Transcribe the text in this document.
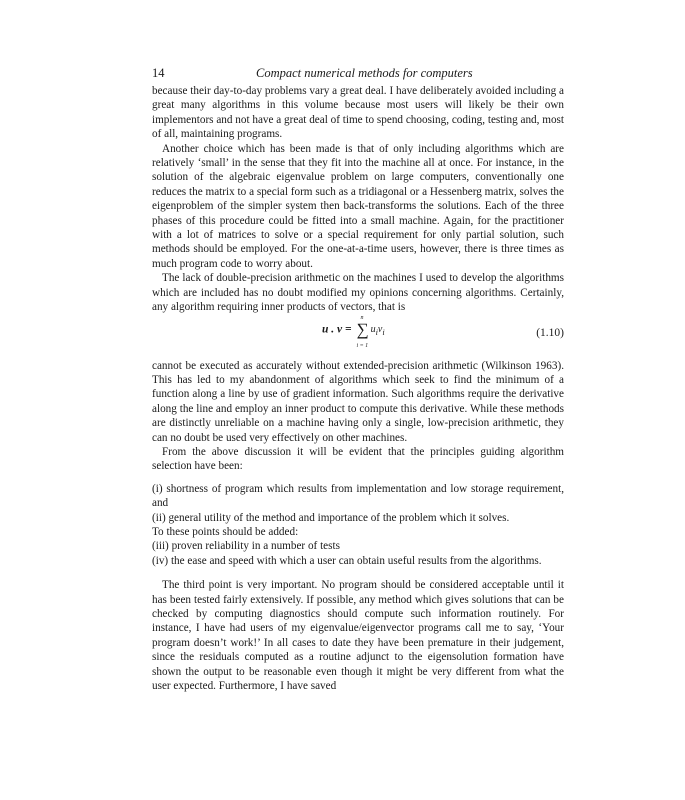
14	Compact numerical methods for computers

because their day-to-day problems vary a great deal. I have deliberately avoided including a great many algorithms in this volume because most users will likely be their own implementors and not have a great deal of time to spend choosing, coding, testing and, most of all, maintaining programs.

Another choice which has been made is that of only including algorithms which are relatively ‘small’ in the sense that they fit into the machine all at once. For instance, in the solution of the algebraic eigenvalue problem on large computers, conventionally one reduces the matrix to a special form such as a tridiagonal or a Hessenberg matrix, solves the eigenproblem of the simpler system then back-transforms the solutions. Each of the three phases of this procedure could be fitted into a small machine. Again, for the practitioner with a lot of matrices to solve or a special requirement for only partial solution, such methods should be employed. For the one-at-a-time users, however, there is three times as much program code to worry about.

The lack of double-precision arithmetic on the machines I used to develop the algorithms which are included has no doubt modified my opinions concerning algorithms. Certainly, any algorithm requiring inner products of vectors, that is

u . v = ∑
n
i = 1
$u_iv_i$	(1.10)

cannot be executed as accurately without extended-precision arithmetic (Wilkinson 1963). This has led to my abandonment of algorithms which seek to find the minimum of a function along a line by use of gradient information. Such algorithms require the derivative along the line and employ an inner product to compute this derivative. While these methods are distinctly unreliable on a machine having only a single, low-precision arithmetic, they can no doubt be used very effectively on other machines.

From the above discussion it will be evident that the principles guiding algorithm selection have been:

(i) shortness of program which results from implementation and low storage requirement, and
(ii) general utility of the method and importance of the problem which it solves.
To these points should be added:
(iii) proven reliability in a number of tests
(iv) the ease and speed with which a user can obtain useful results from the algorithms.

The third point is very important. No program should be considered acceptable until it has been tested fairly extensively. If possible, any method which gives solutions that can be checked by computing diagnostics should compute such information routinely. For instance, I have had users of my eigenvalue/eigenvector programs call me to say, ‘Your program doesn’t work!’ In all cases to date they have been premature in their judgement, since the residuals computed as a routine adjunct to the eigensolution formation have shown the output to be reasonable even though it might be very different from what the user expected. Furthermore, I have saved
